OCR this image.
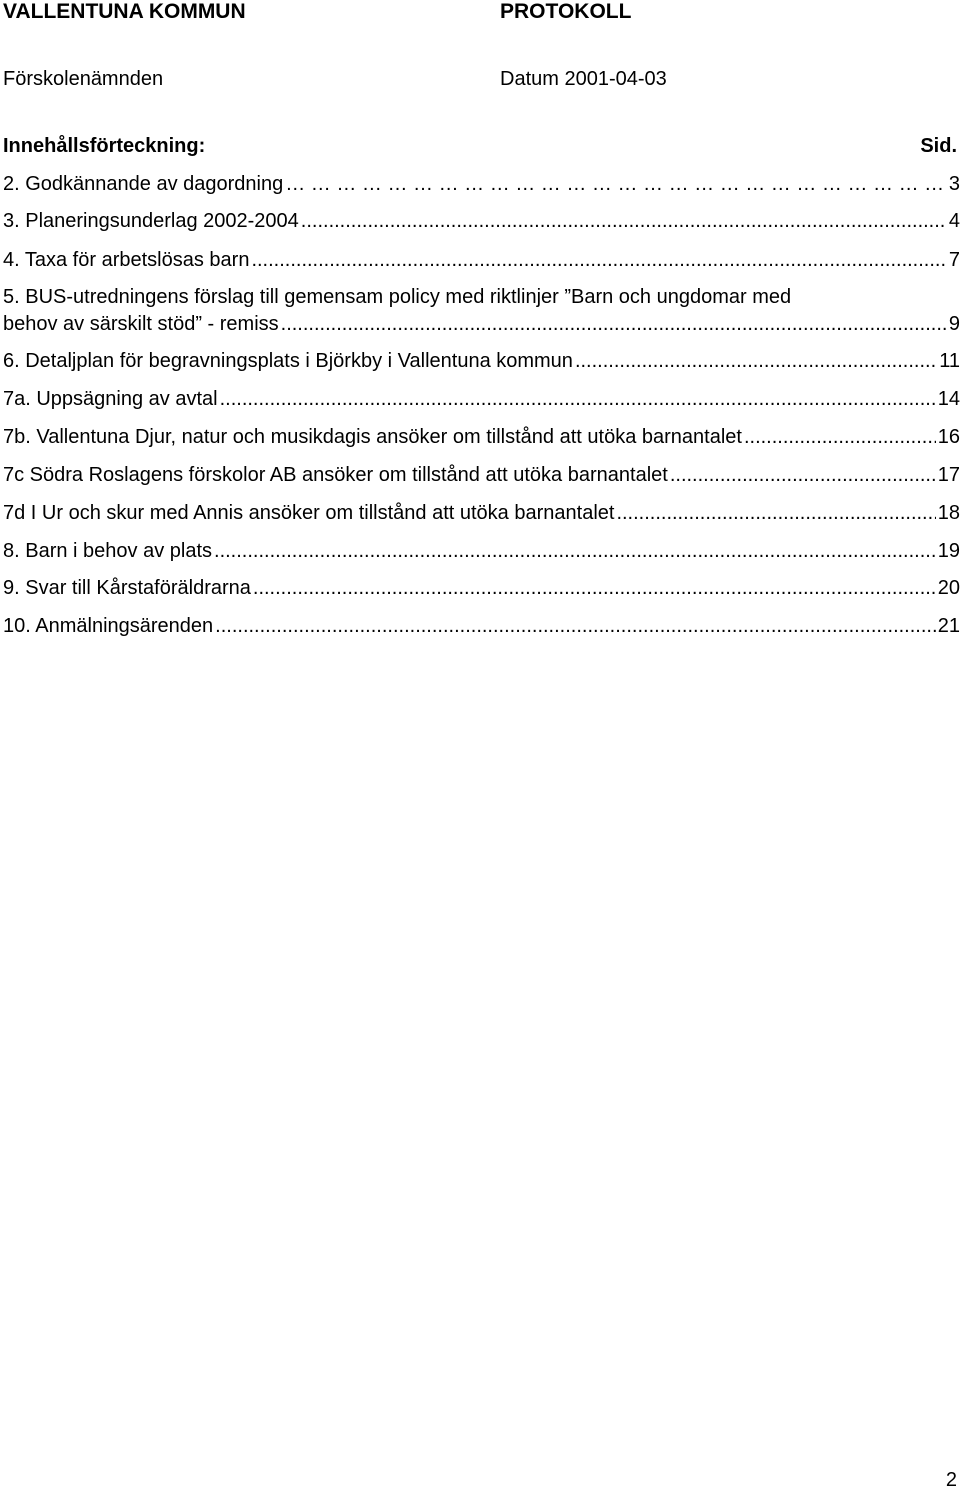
VALLENTUNA KOMMUN	PROTOKOLL
Förskolenämnden	Datum 2001-04-03
Innehållsförteckning:	Sid.
2. Godkännande av dagordning … … … … … … … … … … … … … … … … … … … … … … … … … … … … … … … … … … … … … … … … … … …	3
3. Planeringsunderlag 2002-2004 .....	4
4. Taxa för arbetslösas barn .....	7
5. BUS-utredningens förslag till gemensam policy med riktlinjer ”Barn och ungdomar med
behov av särskilt stöd” - remiss .....	9
6. Detaljplan för begravningsplats i Björkby i Vallentuna kommun .....	11
7a. Uppsägning av avtal .....	14
7b. Vallentuna Djur, natur och musikdagis ansöker om tillstånd att utöka barnantalet .....	16
7c Södra Roslagens förskolor AB ansöker om tillstånd att utöka barnantalet .....	17
7d I Ur och skur med Annis ansöker om tillstånd att utöka barnantalet .....	18
8. Barn i behov av plats .....	19
9. Svar till Kårstaföräldrarna .....	20
10. Anmälningsärenden .....	21
2
